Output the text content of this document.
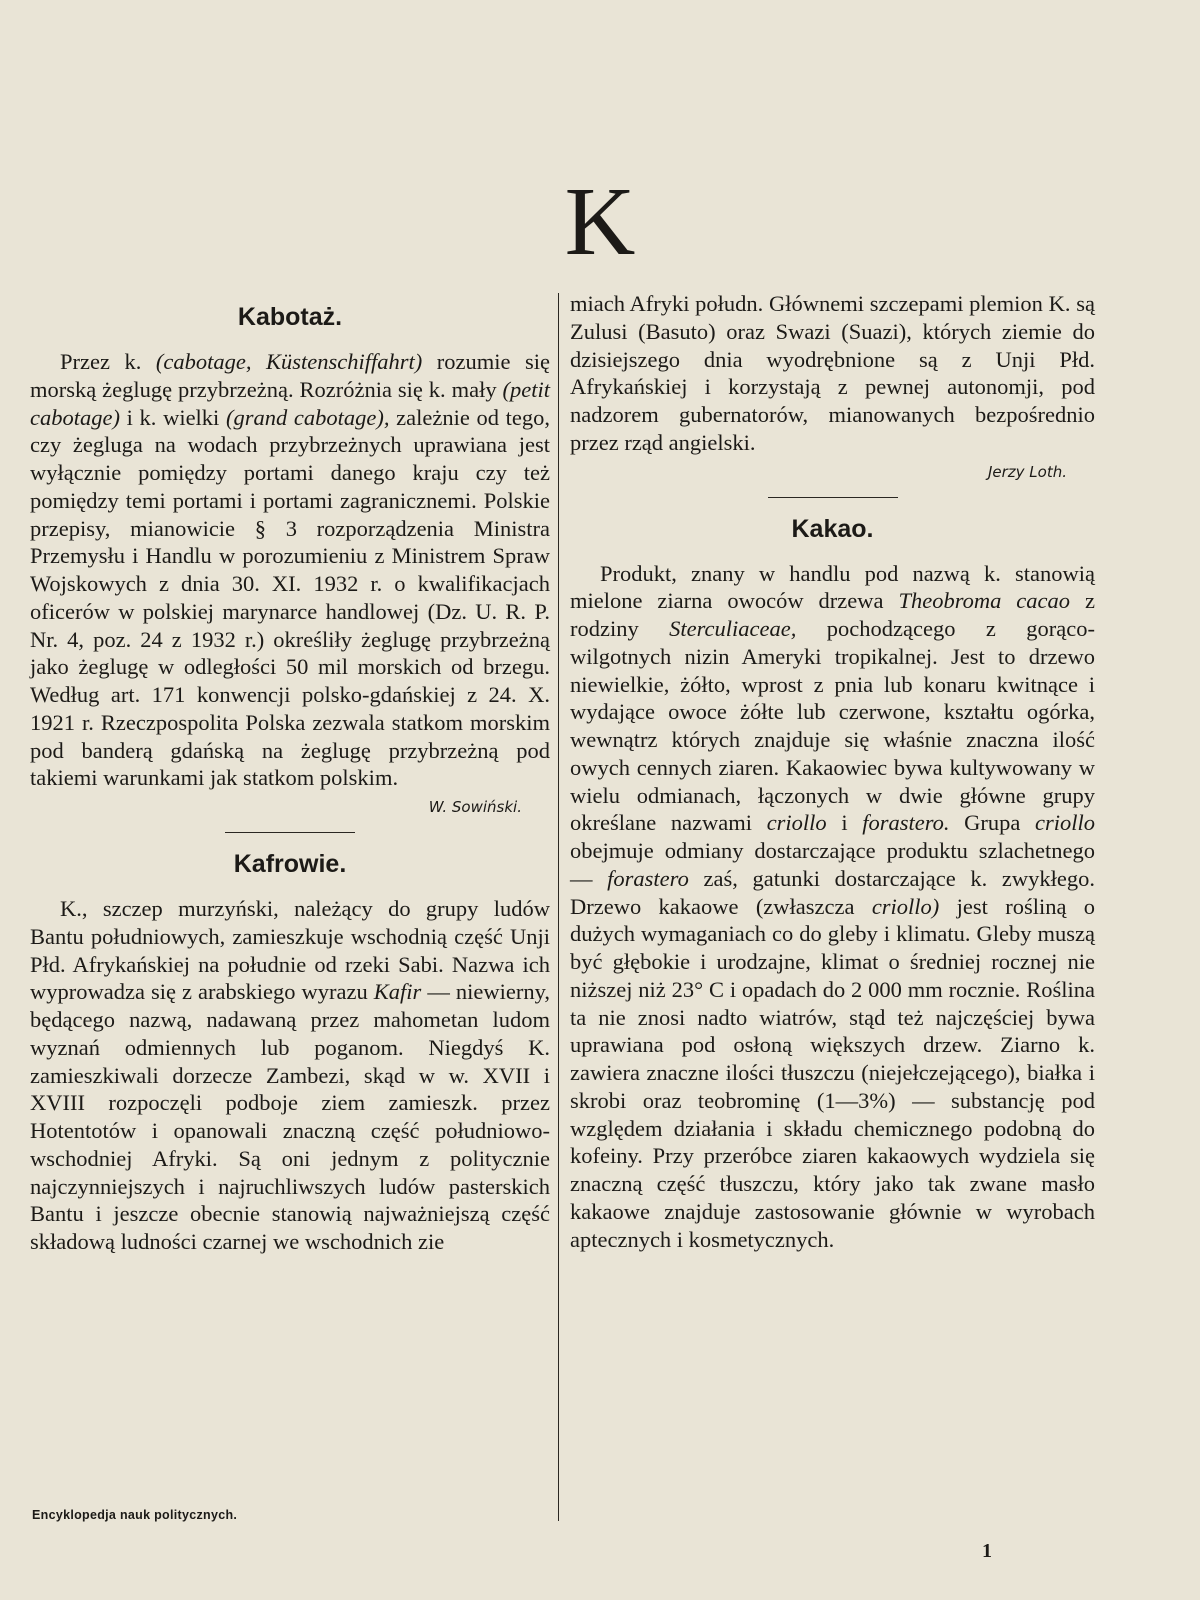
K
Kabotaż.

Przez k. (cabotage, Küstenschiffahrt) rozumie się morską żeglugę przybrzeżną. Rozróżnia się k. mały (petit cabotage) i k. wielki (grand cabotage), zależnie od tego, czy żegluga na wodach przybrzeżnych uprawiana jest wyłącznie pomiędzy portami danego kraju czy też pomiędzy temi portami i portami zagranicznemi. Polskie przepisy, mianowicie § 3 rozporządzenia Ministra Przemysłu i Handlu w porozumieniu z Ministrem Spraw Wojskowych z dnia 30. XI. 1932 r. o kwalifikacjach oficerów w polskiej marynarce handlowej (Dz. U. R. P. Nr. 4, poz. 24 z 1932 r.) określiły żeglugę przybrzeżną jako żeglugę w odległości 50 mil morskich od brzegu. Według art. 171 konwencji polsko-gdańskiej z 24. X. 1921 r. Rzeczpospolita Polska zezwala statkom morskim pod banderą gdańską na żeglugę przybrzeżną pod takiemi warunkami jak statkom polskim.

W. Sowiński.
Kafrowie.

K., szczep murzyński, należący do grupy ludów Bantu południowych, zamieszkuje wschodnią część Unji Płd. Afrykańskiej na południe od rzeki Sabi. Nazwa ich wyprowadza się z arabskiego wyrazu Kafir — niewierny, będącego nazwą, nadawaną przez mahometan ludom wyznań odmiennych lub poganom. Niegdyś K. zamieszkiwali dorzecze Zambezi, skąd w w. XVII i XVIII rozpoczęli podboje ziem zamieszk. przez Hotentotów i opanowali znaczną część południowo-wschodniej Afryki. Są oni jednym z politycznie najczynniejszych i najruchliwszych ludów pasterskich Bantu i jeszcze obecnie stanowią najważniejszą część składową ludności czarnej we wschodnich zie

miach Afryki połudn. Głównemi szczepami plemion K. są Zulusi (Basuto) oraz Swazi (Suazi), których ziemie do dzisiejszego dnia wyodrębnione są z Unji Płd. Afrykańskiej i korzystają z pewnej autonomji, pod nadzorem gubernatorów, mianowanych bezpośrednio przez rząd angielski.

Jerzy Loth.
Kakao.

Produkt, znany w handlu pod nazwą k. stanowią mielone ziarna owoców drzewa Theobroma cacao z rodziny Sterculiaceae, pochodzącego z gorąco-wilgotnych nizin Ameryki tropikalnej. Jest to drzewo niewielkie, żółto, wprost z pnia lub konaru kwitnące i wydające owoce żółte lub czerwone, kształtu ogórka, wewnątrz których znajduje się właśnie znaczna ilość owych cennych ziaren. Kakaowiec bywa kultywowany w wielu odmianach, łączonych w dwie główne grupy określane nazwami criollo i forastero. Grupa criollo obejmuje odmiany dostarczające produktu szlachetnego — forastero zaś, gatunki dostarczające k. zwykłego. Drzewo kakaowe (zwłaszcza criollo) jest rośliną o dużych wymaganiach co do gleby i klimatu. Gleby muszą być głębokie i urodzajne, klimat o średniej rocznej nie niższej niż 23° C i opadach do 2 000 mm rocznie. Roślina ta nie znosi nadto wiatrów, stąd też najczęściej bywa uprawiana pod osłoną większych drzew. Ziarno k. zawiera znaczne ilości tłuszczu (niejełczejącego), białka i skrobi oraz teobrominę (1—3%) — substancję pod względem działania i składu chemicznego podobną do kofeiny. Przy przeróbce ziaren kakaowych wydziela się znaczną część tłuszczu, który jako tak zwane masło kakaowe znajduje zastosowanie głównie w wyrobach aptecznych i kosmetycznych.

Encyklopedja nauk politycznych.
1
